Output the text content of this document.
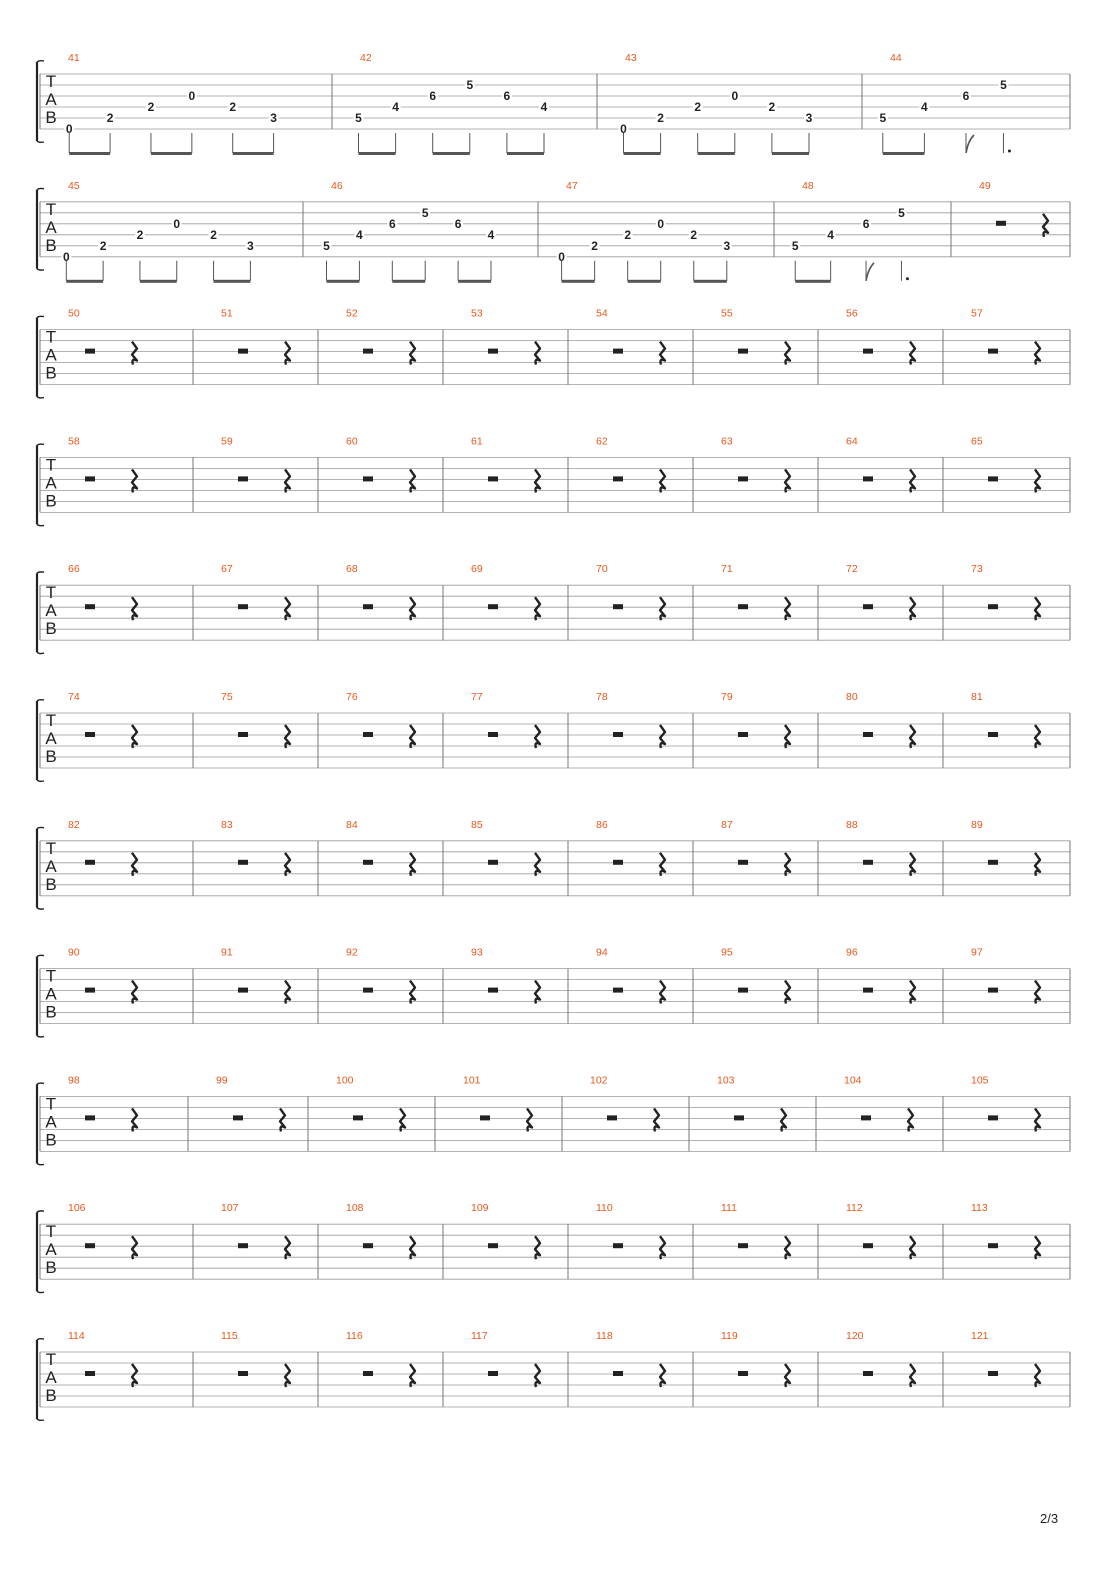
T
A
B
41
0
2
2
0
2
3
42
5
4
6
5
6
4
43
0
2
2
0
2
3
44
5
4
6
5
T
A
B
45
0
2
2
0
2
3
46
5
4
6
5
6
4
47
0
2
2
0
2
3
48
5
4
6
5
49
T
A
B
50	51	52	53	54	55	56	57
T
A
B
58	59	60	61	62	63	64	65
T
A
B
66	67	68	69	70	71	72	73
T
A
B
74	75	76	77	78	79	80	81
T
A
B
82	83	84	85	86	87	88	89
T
A
B
90	91	92	93	94	95	96	97
T
A
B
98	99	100	101	102	103	104	105
T
A
B
106	107	108	109	110	111	112	113
T
A
B
114	115	116	117	118	119	120	121
2/3
